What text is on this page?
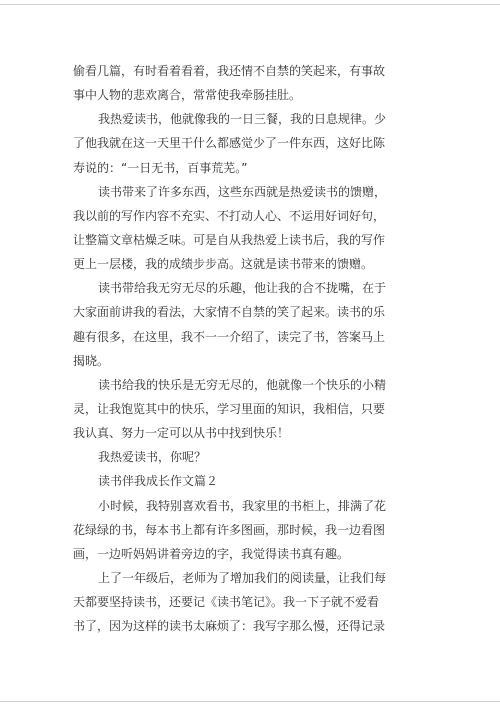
偷看几篇，有时看着看着，我还情不自禁的笑起来，有事故
事中人物的悲欢离合，常常使我牵肠挂肚。
我热爱读书，他就像我的一日三餐，我的日息规律。少
了他我就在这一天里干什么都感觉少了一件东西，这好比陈
寿说的：“一日无书，百事荒芜。”
读书带来了许多东西，这些东西就是热爱读书的馈赠，
我以前的写作内容不充实、不打动人心、不运用好词好句，
让整篇文章枯燥乏味。可是自从我热爱上读书后，我的写作
更上一层楼，我的成绩步步高。这就是读书带来的馈赠。
读书带给我无穷无尽的乐趣，他让我的合不拢嘴，在于
大家面前讲我的看法，大家情不自禁的笑了起来。读书的乐
趣有很多，在这里，我不一一介绍了，读完了书，答案马上
揭晓。
读书给我的快乐是无穷无尽的，他就像一个快乐的小精
灵，让我饱览其中的快乐，学习里面的知识，我相信，只要
我认真、努力一定可以从书中找到快乐！
我热爱读书，你呢？
读书伴我成长作文篇２
小时候，我特别喜欢看书，我家里的书柜上，排满了花
花绿绿的书，每本书上都有许多图画，那时候，我一边看图
画，一边听妈妈讲着旁边的字，我觉得读书真有趣。
上了一年级后，老师为了增加我们的阅读量，让我们每
天都要坚持读书，还要记《读书笔记》。我一下子就不爱看
书了，因为这样的读书太麻烦了：我写字那么慢，还得记录
